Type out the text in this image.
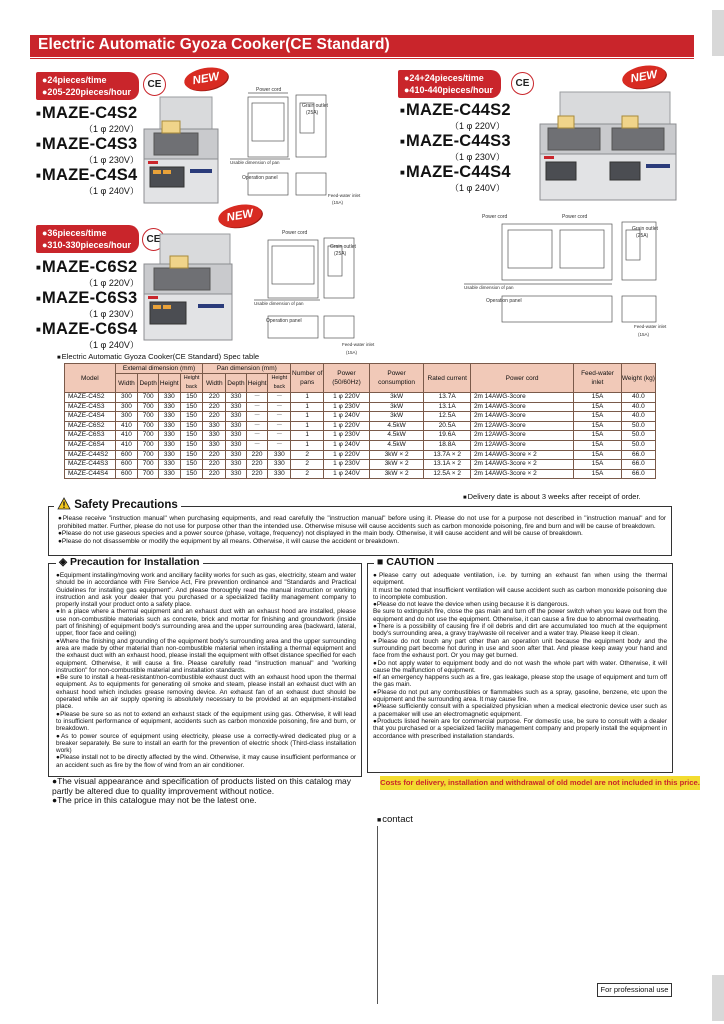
Electric Automatic Gyoza Cooker(CE Standard)
●24pieces/time
●205-220pieces/hour
CE	NEW
■MAZE-C4S2
（1 φ 220V）
■MAZE-C4S3
（1 φ 230V）
■MAZE-C4S4
（1 φ 240V）
Power cord
Grain outlet
(25A)
Usable dimension of pan
Operation panel
Feed-water inlet
(15A)
●24+24pieces/time
●410-440pieces/hour
CE	NEW
■MAZE-C44S2
（1 φ 220V）
■MAZE-C44S3
（1 φ 230V）
■MAZE-C44S4
（1 φ 240V）
Power cord	Power cord
Grain outlet
(25A)
Usable dimension of pan
Operation panel
Feed-water inlet
(15A)
●36pieces/time
●310-330pieces/hour	CE
NEW
■MAZE-C6S2
（1 φ 220V）
■MAZE-C6S3
（1 φ 230V）
■MAZE-C6S4
（1 φ 240V）
Power cord
Grain outlet
(25A)
Usable dimension of pan
Operation panel
Feed-water inlet
(15A)
■Electric Automatic Gyoza Cooker(CE Standard) Spec table
Model	External dimension (mm)				Pan dimension (mm)				Number of pans	Power (50/60Hz)	Power consumption	Rated current	Power cord	Feed-water inlet	Weight (kg)
	Width	Depth	Height	Height back	Width	Depth	Height	Height back							
MAZE-C4S2	300	700	330	150	220	330	－	－	1	1 φ 220V	3kW	13.7A	2m 14AWG-3core	15A	40.0
MAZE-C4S3	300	700	330	150	220	330	－	－	1	1 φ 230V	3kW	13.1A	2m 14AWG-3core	15A	40.0
MAZE-C4S4	300	700	330	150	220	330	－	－	1	1 φ 240V	3kW	12.5A	2m 14AWG-3core	15A	40.0
MAZE-C6S2	410	700	330	150	330	330	－	－	1	1 φ 220V	4.5kW	20.5A	2m 12AWG-3core	15A	50.0
MAZE-C6S3	410	700	330	150	330	330	－	－	1	1 φ 230V	4.5kW	19.6A	2m 12AWG-3core	15A	50.0
MAZE-C6S4	410	700	330	150	330	330	－	－	1	1 φ 240V	4.5kW	18.8A	2m 12AWG-3core	15A	50.0
MAZE-C44S2	600	700	330	150	220	330	220	330	2	1 φ 220V	3kW × 2	13.7A × 2	2m 14AWG-3core × 2	15A	66.0
MAZE-C44S3	600	700	330	150	220	330	220	330	2	1 φ 230V	3kW × 2	13.1A × 2	2m 14AWG-3core × 2	15A	66.0
MAZE-C44S4	600	700	330	150	220	330	220	330	2	1 φ 240V	3kW × 2	12.5A × 2	2m 14AWG-3core × 2	15A	66.0
■Delivery date is about 3 weeks after receipt of order.
Safety Precautions

●Please receive "instruction manual" when purchasing equipments, and read carefully the "instruction manual" before using it. Please do not use for a purpose not described in "instruction manual" and for prohibited matter. Further, please do not use for purpose other than the intended use. Otherwise misuse will cause accidents such as carbon monoxide poisoning, fire and burn and will be cause of breakdown.

●Please do not use gaseous species and a power source (phase, voltage, frequency) not displayed in the main body. Otherwise, it will cause accident and will be cause of breakdown.

●Please do not disassemble or modify the equipment by all means. Otherwise, it will cause the accident or breakdown.

◈ Precaution for Installation

●Equipment installing/moving work and ancillary facility works for such as gas, electricity, steam and water should be in accordance with Fire Service Act, Fire prevention ordinance and "Standards and Practical Guidelines for installing gas equipment". And please thoroughly read the manual instruction or working instruction and ask your dealer that you purchased or a specialized facility management company to properly install your product onto a safety place.

●In a place where a thermal equipment and an exhaust duct with an exhaust hood are installed, please use non-combustible materials such as concrete, brick and mortar for finishing and groundwork (inside part of finishing) of equipment body's surrounding area and the upper surrounding area (backward, lateral, upper, floor face and ceiling)

●Where the finishing and grounding of the equipment body's surrounding area and the upper surrounding area are made by other material than non-combustible material when installing a thermal equipment and the exhaust duct with an exhaust hood, please install the equipment with offset distance specified for each equipment. Otherwise, it will cause a fire. Please carefully read "instruction manual" and "working instruction" for non-combustible material and installation standards.

●Be sure to install a heat-resistant/non-combustible exhaust duct with an exhaust hood upon the thermal equipment. As to equipments for generating oil smoke and steam, please install an exhaust duct with an exhaust hood which includes grease removing device. An exhaust fan of an exhaust duct should be operated while an air supply opening is absolutely necessary to be provided at an equipment-installed place.

●Please be sure so as not to extend an exhaust stack of the equipment using gas. Otherwise, it will lead to insufficient performance of equipment, accidents such as carbon monoxide poisoning, fire and burn, or breakdown.

●As to power source of equipment using electricity, please use a correctly-wired dedicated plug or a breaker separately. Be sure to install an earth for the prevention of electric shock (Third-class installation work)

●Please install not to be directly affected by the wind. Otherwise, it may cause insufficient performance or an accident such as fire by the flow of wind from an air conditioner.

■ CAUTION

●Please carry out adequate ventilation, i.e. by turning an exhaust fan when using the thermal equipment.

It must be noted that insufficient ventilation will cause accident such as carbon monoxide poisoning due to incomplete combustion.

●Please do not leave the device when using because it is dangerous.

Be sure to extinguish fire, close the gas main and turn off the power switch when you leave out from the equipment and do not use the equipment. Otherwise, it can cause a fire due to abnormal overheating.

●There is a possibility of causing fire if oil debris and dirt are accumulated too much at the equipment body's surrounding area, a gravy tray/waste oil receiver and a water tray. Please keep it clean.

●Please do not touch any part other than an operation unit because the equipment body and the surrounding part become hot during in use and soon after that. And please keep away your hand and face from the exhaust port. Or you may get burned.

●Do not apply water to equipment body and do not wash the whole part with water. Otherwise, it will cause the malfunction of equipment.

●If an emergency happens such as a fire, gas leakage, please stop the usage of equipment and turn off the gas main.

●Please do not put any combustibles or flammables such as a spray, gasoline, benzene, etc upon the equipment and the surrounding area. It may cause fire.

●Please sufficiently consult with a specialized physician when a medical electronic device user such as a pacemaker will use an electromagnetic equipment.

●Products listed herein are for commercial purpose. For domestic use, be sure to consult with a dealer that you purchased or a specialized facility management company and properly install the equipment in accordance with prescribed installation standards.

●The visual appearance and specification of products listed on this catalog may partly be altered due to quality improvement without notice.

●The price in this catalogue may not be the latest one.

Costs for delivery, installation and withdrawal of old model are not included in this price.
■contact
For professional use
